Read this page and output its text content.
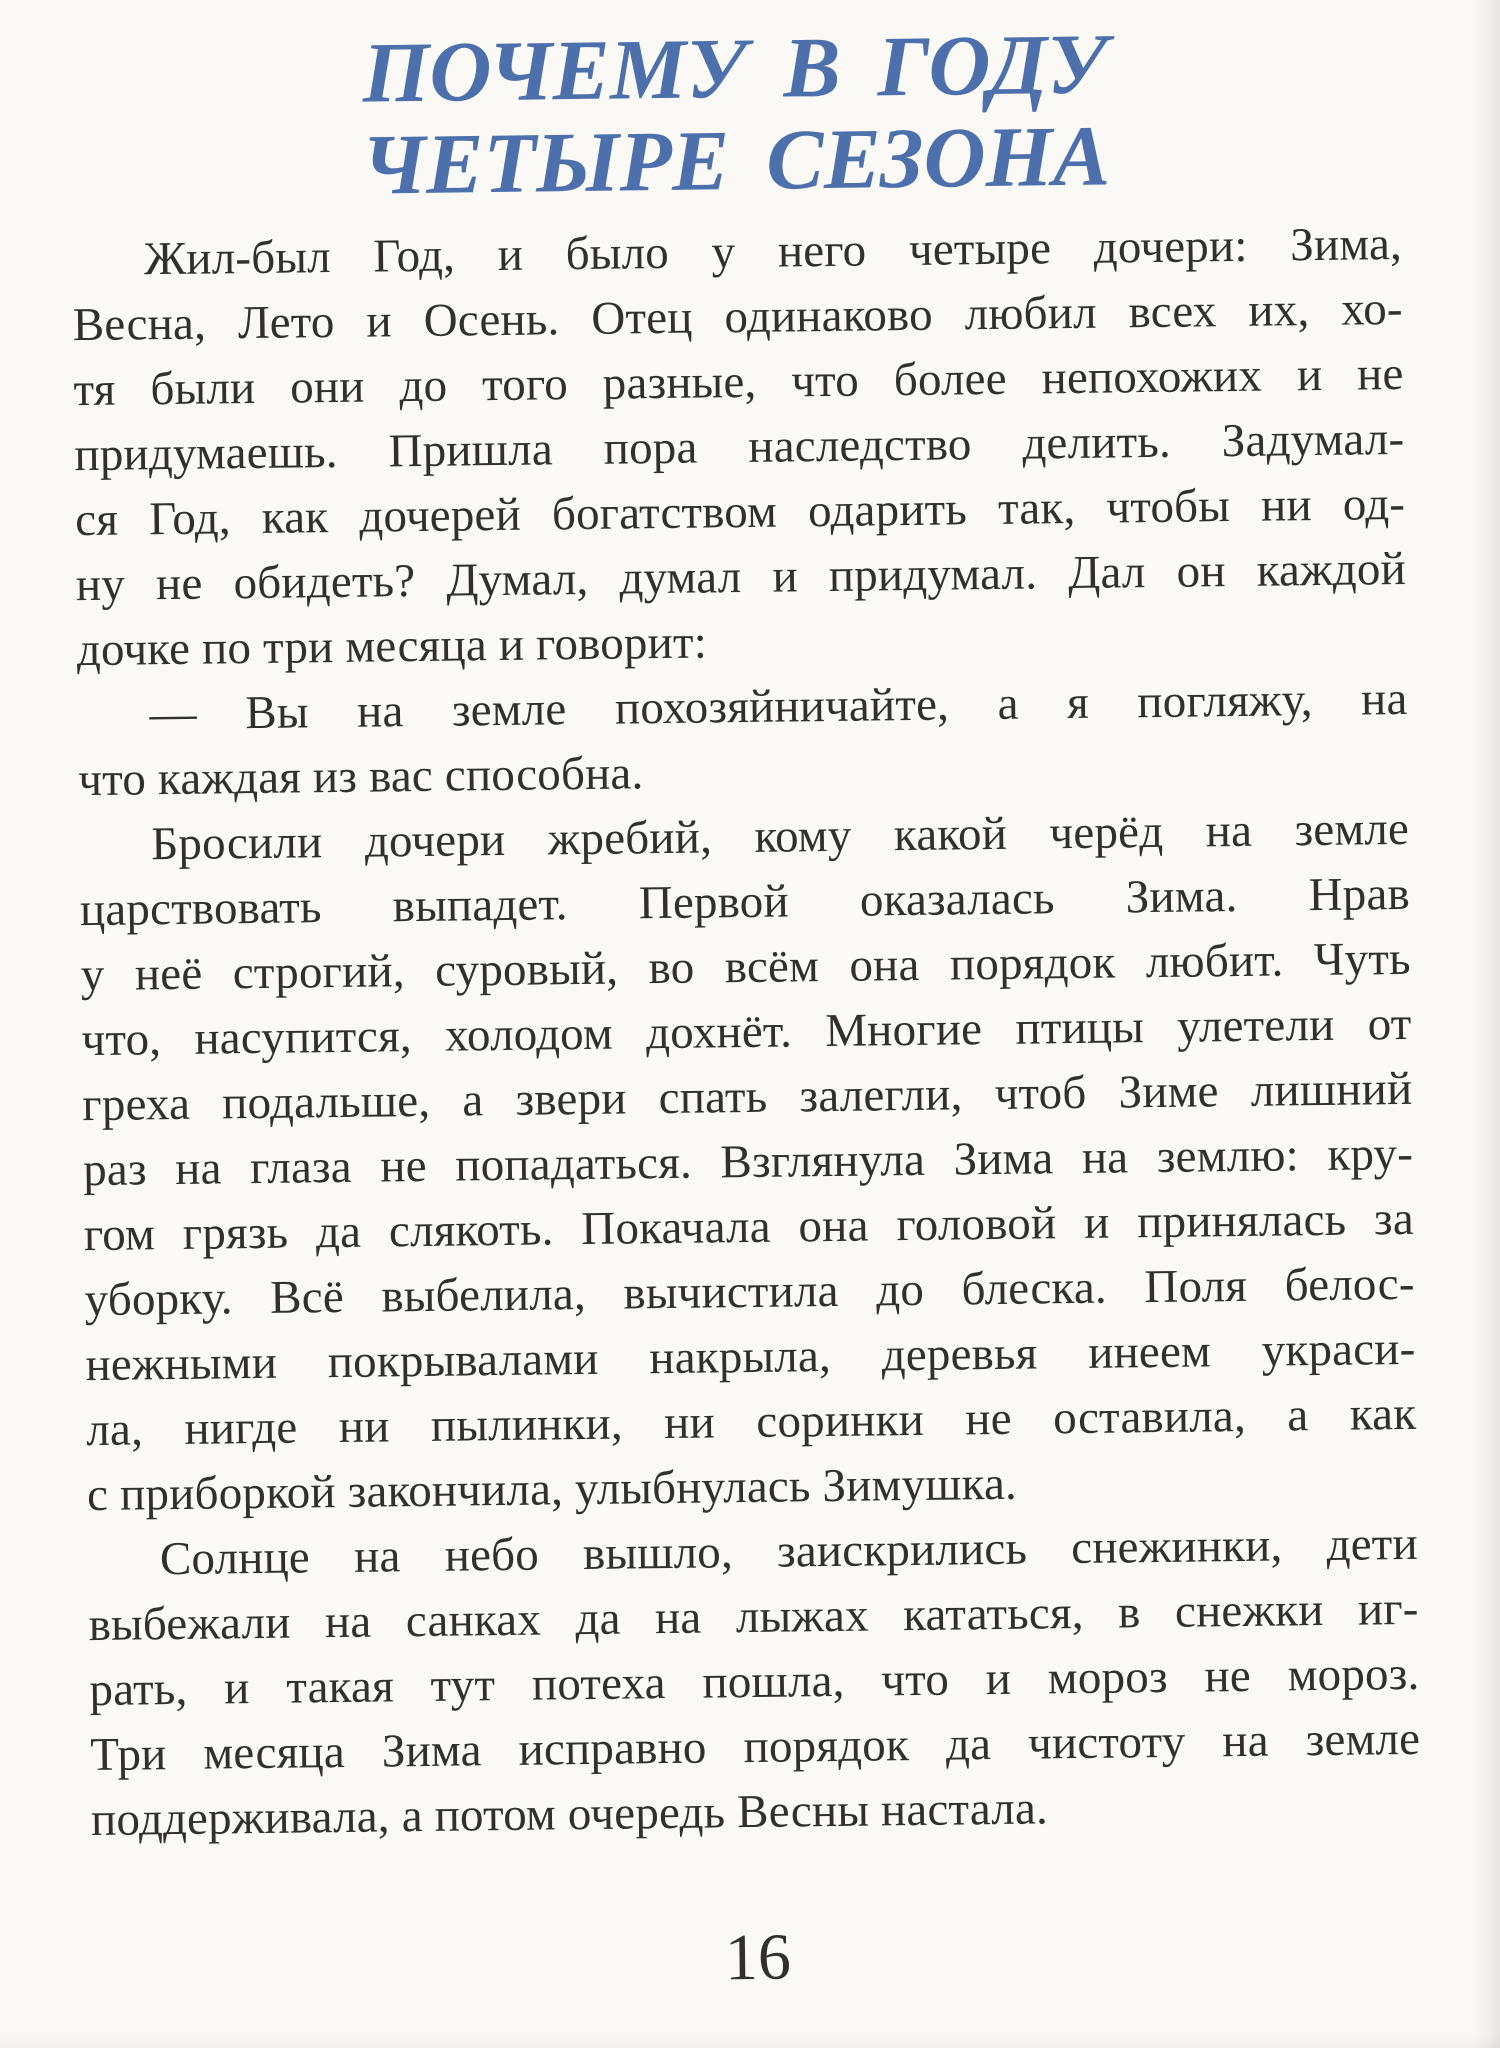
ПОЧЕМУ В ГОДУ
ЧЕТЫРЕ СЕЗОНА
Жил-был Год, и было у него четыре дочери: Зима,
Весна, Лето и Осень. Отец одинаково любил всех их, хо-
тя были они до того разные, что более непохожих и не
придумаешь. Пришла пора наследство делить. Задумал-
ся Год, как дочерей богатством одарить так, чтобы ни од-
ну не обидеть? Думал, думал и придумал. Дал он каждой
дочке по три месяца и говорит:
— Вы на земле похозяйничайте, а я погляжу, на
что каждая из вас способна.
Бросили дочери жребий, кому какой черёд на земле
царствовать выпадет. Первой оказалась Зима. Нрав
у неё строгий, суровый, во всём она порядок любит. Чуть
что, насупится, холодом дохнёт. Многие птицы улетели от
греха подальше, а звери спать залегли, чтоб Зиме лишний
раз на глаза не попадаться. Взглянула Зима на землю: кру-
гом грязь да слякоть. Покачала она головой и принялась за
уборку. Всё выбелила, вычистила до блеска. Поля белос-
нежными покрывалами накрыла, деревья инеем украси-
ла, нигде ни пылинки, ни соринки не оставила, а как
с приборкой закончила, улыбнулась Зимушка.
Солнце на небо вышло, заискрились снежинки, дети
выбежали на санках да на лыжах кататься, в снежки иг-
рать, и такая тут потеха пошла, что и мороз не мороз.
Три месяца Зима исправно порядок да чистоту на земле
поддерживала, а потом очередь Весны настала.
16
